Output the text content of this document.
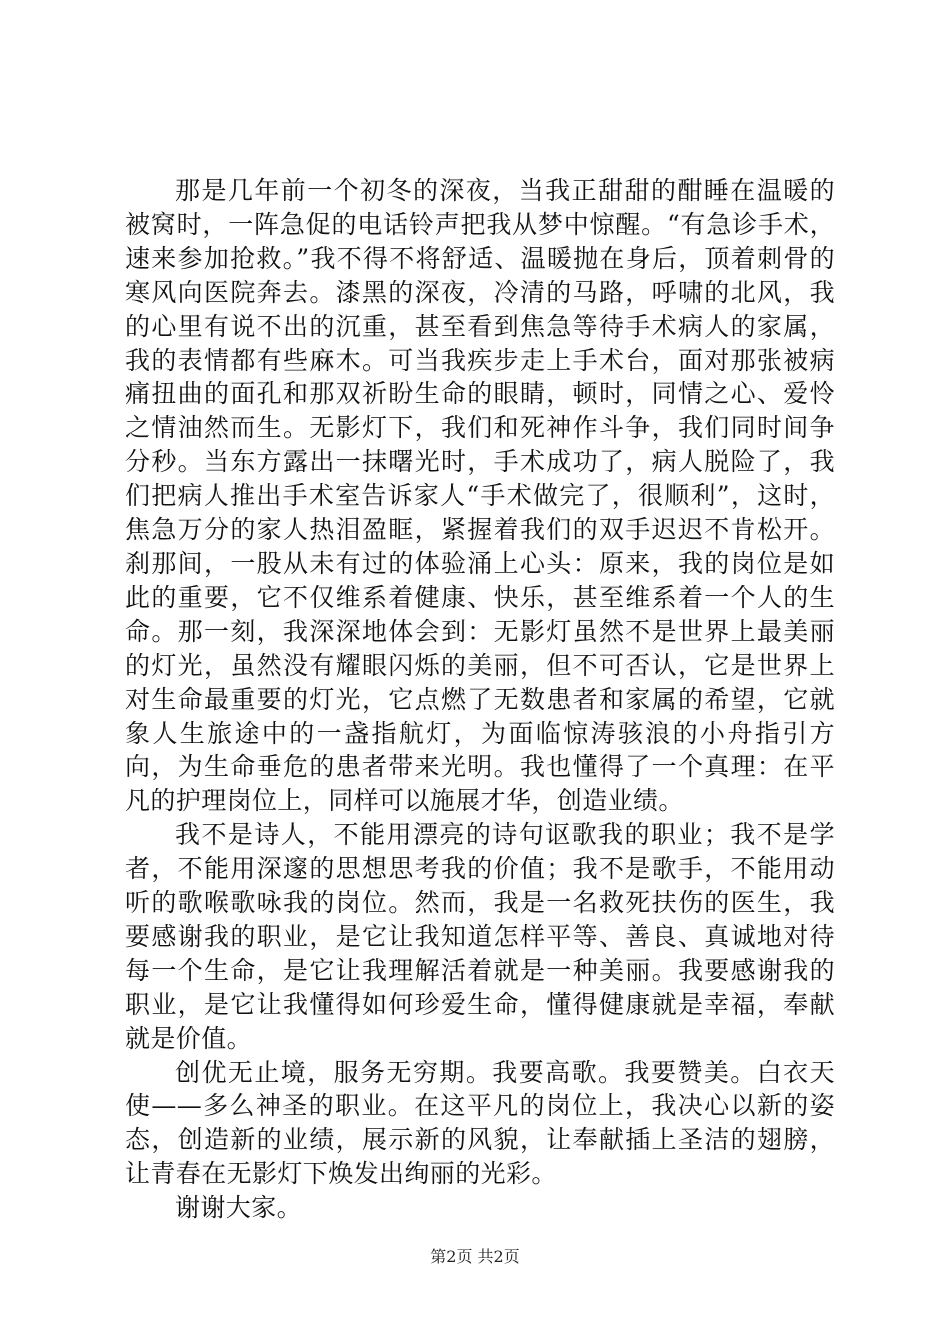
那是几年前一个初冬的深夜，当我正甜甜的酣睡在温暖的被窝时，一阵急促的电话铃声把我从梦中惊醒。“有急诊手术，速来参加抢救。”我不得不将舒适、温暖抛在身后，顶着刺骨的寒风向医院奔去。漆黑的深夜，冷清的马路，呼啸的北风，我的心里有说不出的沉重，甚至看到焦急等待手术病人的家属，我的表情都有些麻木。可当我疾步走上手术台，面对那张被病痛扭曲的面孔和那双祈盼生命的眼睛，顿时，同情之心、爱怜之情油然而生。无影灯下，我们和死神作斗争，我们同时间争分秒。当东方露出一抹曙光时，手术成功了，病人脱险了，我们把病人推出手术室告诉家人“手术做完了，很顺利”，这时，焦急万分的家人热泪盈眶，紧握着我们的双手迟迟不肯松开。刹那间，一股从未有过的体验涌上心头：原来，我的岗位是如此的重要，它不仅维系着健康、快乐，甚至维系着一个人的生命。那一刻，我深深地体会到：无影灯虽然不是世界上最美丽的灯光，虽然没有耀眼闪烁的美丽，但不可否认，它是世界上对生命最重要的灯光，它点燃了无数患者和家属的希望，它就象人生旅途中的一盏指航灯，为面临惊涛骇浪的小舟指引方向，为生命垂危的患者带来光明。我也懂得了一个真理：在平凡的护理岗位上，同样可以施展才华，创造业绩。

我不是诗人，不能用漂亮的诗句讴歌我的职业；我不是学者，不能用深邃的思想思考我的价值；我不是歌手，不能用动听的歌喉歌咏我的岗位。然而，我是一名救死扶伤的医生，我要感谢我的职业，是它让我知道怎样平等、善良、真诚地对待每一个生命，是它让我理解活着就是一种美丽。我要感谢我的职业，是它让我懂得如何珍爱生命，懂得健康就是幸福，奉献就是价值。

创优无止境，服务无穷期。我要高歌。我要赞美。白衣天使——多么神圣的职业。在这平凡的岗位上，我决心以新的姿态，创造新的业绩，展示新的风貌，让奉献插上圣洁的翅膀，让青春在无影灯下焕发出绚丽的光彩。

谢谢大家。

第2页 共2页
